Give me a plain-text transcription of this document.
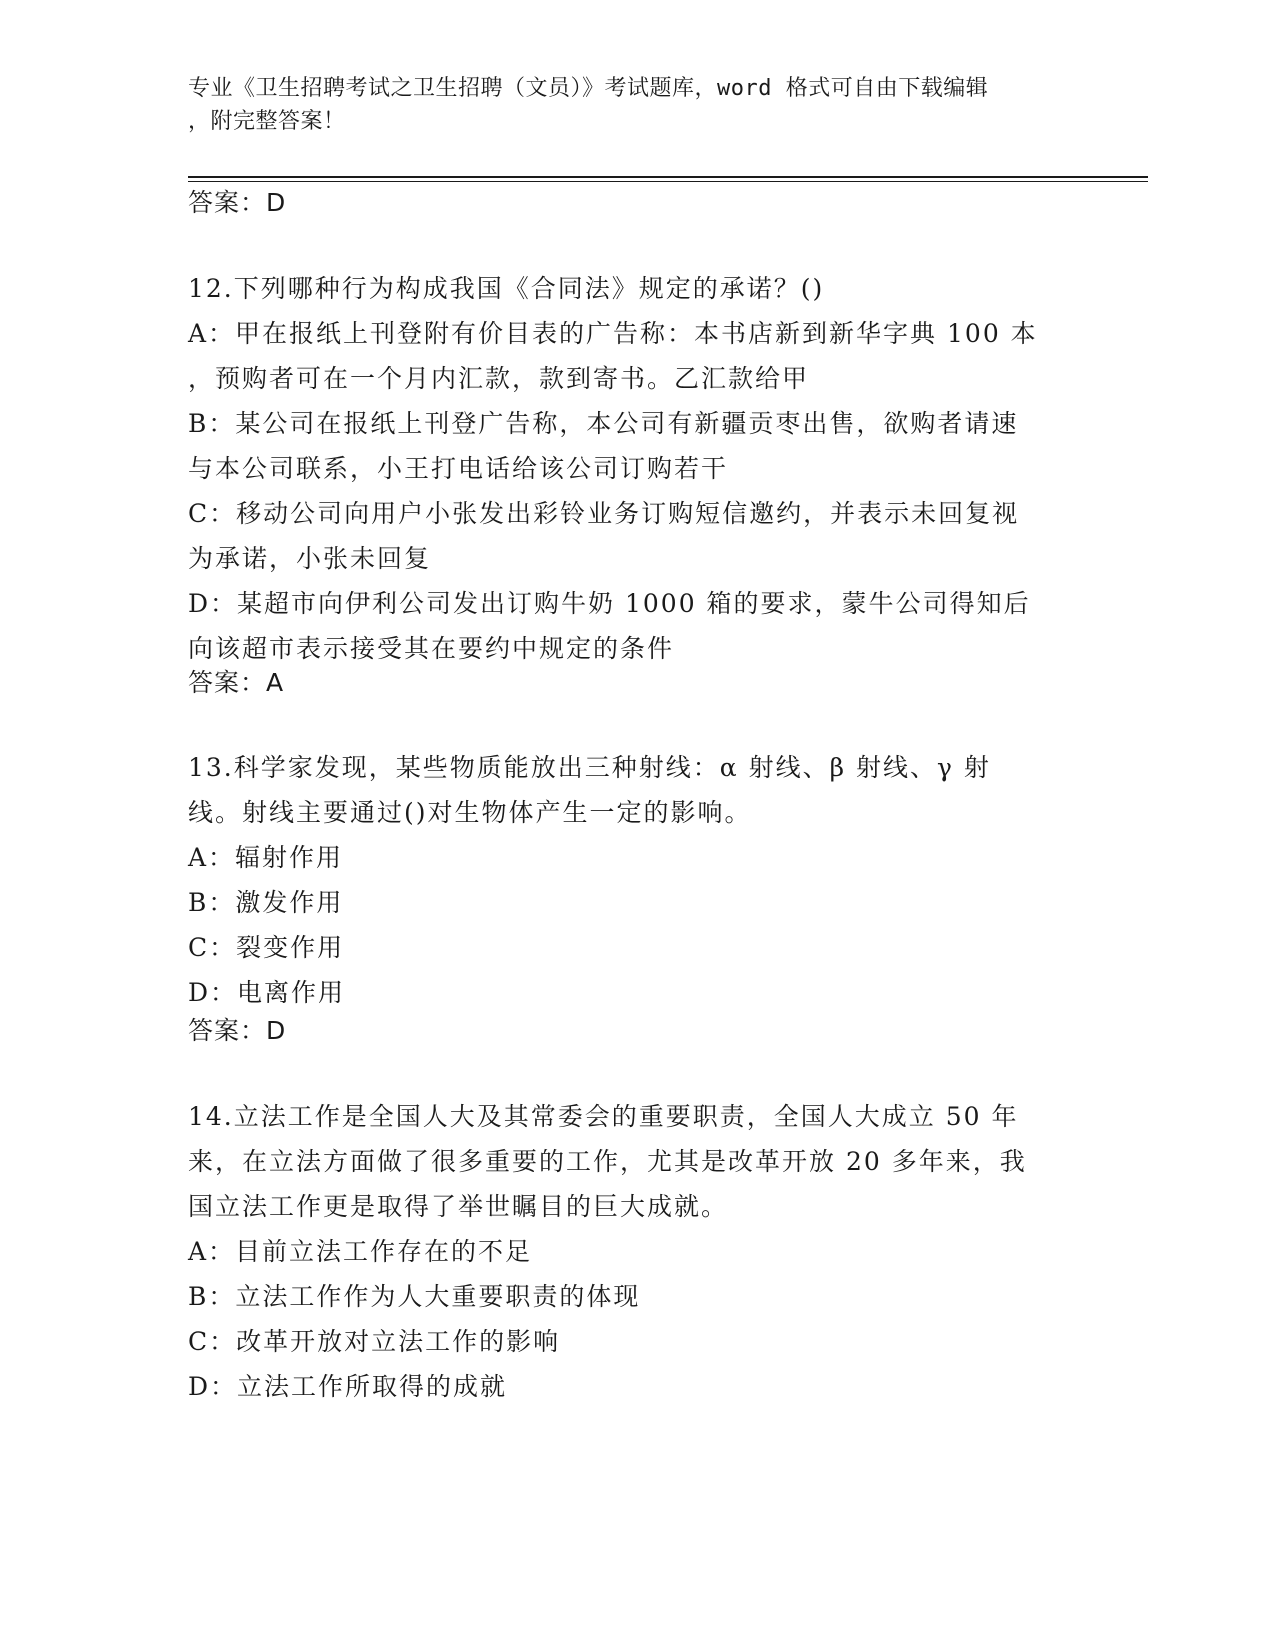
专业《卫生招聘考试之卫生招聘（文员）》考试题库，word 格式可自由下载编辑
，附完整答案！
答案：D
12.下列哪种行为构成我国《合同法》规定的承诺？()
A：甲在报纸上刊登附有价目表的广告称：本书店新到新华字典 100 本
，预购者可在一个月内汇款，款到寄书。乙汇款给甲
B：某公司在报纸上刊登广告称，本公司有新疆贡枣出售，欲购者请速
与本公司联系，小王打电话给该公司订购若干
C：移动公司向用户小张发出彩铃业务订购短信邀约，并表示未回复视
为承诺，小张未回复
D：某超市向伊利公司发出订购牛奶 1000 箱的要求，蒙牛公司得知后
向该超市表示接受其在要约中规定的条件
答案：A
13.科学家发现，某些物质能放出三种射线：α 射线、β 射线、γ 射
线。射线主要通过()对生物体产生一定的影响。
A：辐射作用
B：激发作用
C：裂变作用
D：电离作用
答案：D
14.立法工作是全国人大及其常委会的重要职责，全国人大成立 50 年
来，在立法方面做了很多重要的工作，尤其是改革开放 20 多年来，我
国立法工作更是取得了举世瞩目的巨大成就。
A：目前立法工作存在的不足
B：立法工作作为人大重要职责的体现
C：改革开放对立法工作的影响
D：立法工作所取得的成就
